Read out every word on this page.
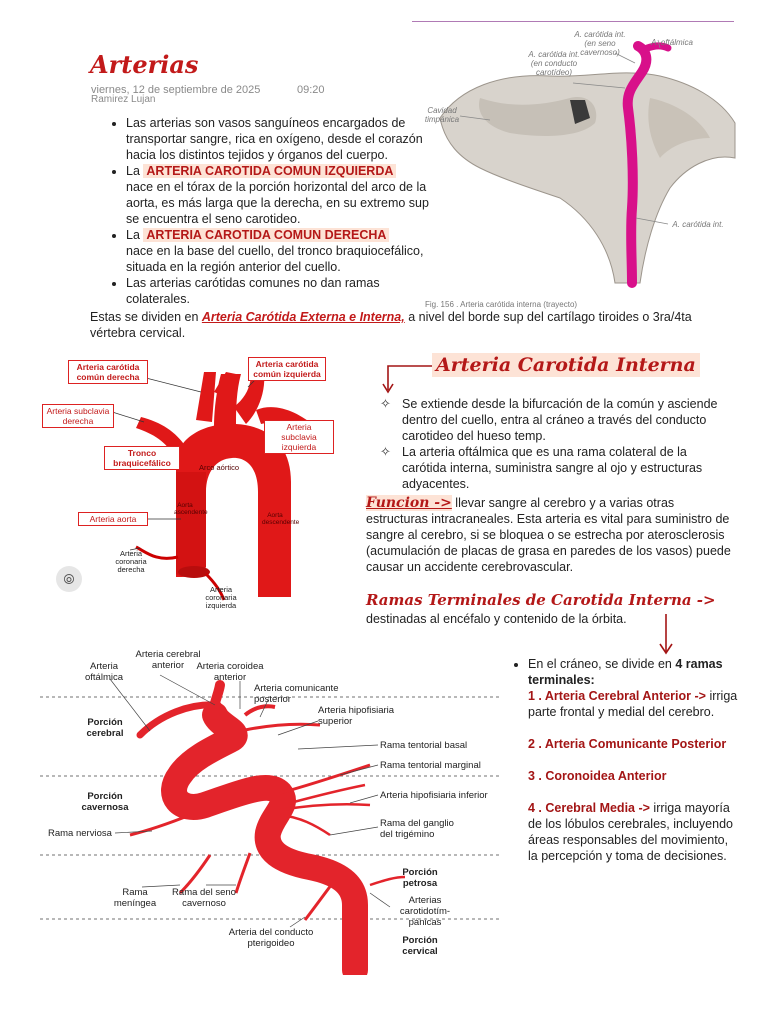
Arterias
viernes, 12 de septiembre de 2025	09:20
Ramirez Lujan
• Las arterias son vasos sanguíneos encargados de transportar sangre, rica en oxígeno, desde el corazón hacia los distintos tejidos y órganos del cuerpo.
• La ARTERIA CAROTIDA COMUN IZQUIERDA
nace en el tórax de la porción horizontal del arco de la aorta, es más larga que la derecha, en su extremo sup se encuentra el seno carotideo.
• La ARTERIA CAROTIDA COMUN DERECHA
nace en la base del cuello, del tronco braquiocefálico, situada en la región anterior del cuello.
• Las arterias carótidas comunes no dan ramas colaterales.
Estas se dividen en Arteria Carótida Externa e Interna, a nivel del borde sup del cartílago tiroides o 3ra/4ta vértebra cervical.
A. carótida int. (en seno cavernoso)
A. oftálmica
A. carótida int. (en conducto carotídeo)
Cavidad timpánica
A. carótida int.
Fig. 156 . Arteria carótida interna (trayecto)
Arteria carótida común derecha
Arteria carótida común izquierda
Arteria subclavia derecha
Arteria subclavia izquierda
Tronco braquicefálico	Arco aórtico
Arteria aorta
Aorta ascendente	Aorta descendente
Arteria coronaria derecha
Arteria coronaria izquierda
⦾
Arteria Carotida Interna
✧ Se extiende desde la bifurcación de la común y asciende dentro del cuello, entra al cráneo a través del conducto carotideo del hueso temp.
✧ La arteria oftálmica que es una rama colateral de la carótida interna, suministra sangre al ojo y estructuras adyacentes.
Funcion -> llevar sangre al cerebro y a varias otras estructuras intracraneales. Esta arteria es vital para suministro de sangre al cerebro, si se bloquea o se estrecha por aterosclerosis (acumulación de placas de grasa en paredes de los vasos) puede causar un accidente cerebrovascular.
Ramas Terminales de Carotida Interna ->
destinadas al encéfalo y contenido de la órbita.
• En el cráneo, se divide en 4 ramas terminales:
1 . Arteria Cerebral Anterior -> irriga parte frontal y medial del cerebro.
2 . Arteria Comunicante Posterior
3 . Coronoidea Anterior
4 . Cerebral Media -> irriga mayoría de los lóbulos cerebrales, incluyendo áreas responsables del movimiento, la percepción y toma de decisiones.
Arteria cerebral anterior
Arteria oftálmica
Arteria coroidea anterior
Arteria comunicante posterior
Arteria hipofisiaria superior
Rama tentorial basal
Rama tentorial marginal
Arteria hipofisiaria inferior
Rama del ganglio del trigémino
Rama nerviosa
Rama meníngea
Rama del seno cavernoso
Arteria del conducto pterigoideo
Arterias carotidotím-pánicas
Porción cerebral
Porción cavernosa
Porción petrosa
Porción cervical
